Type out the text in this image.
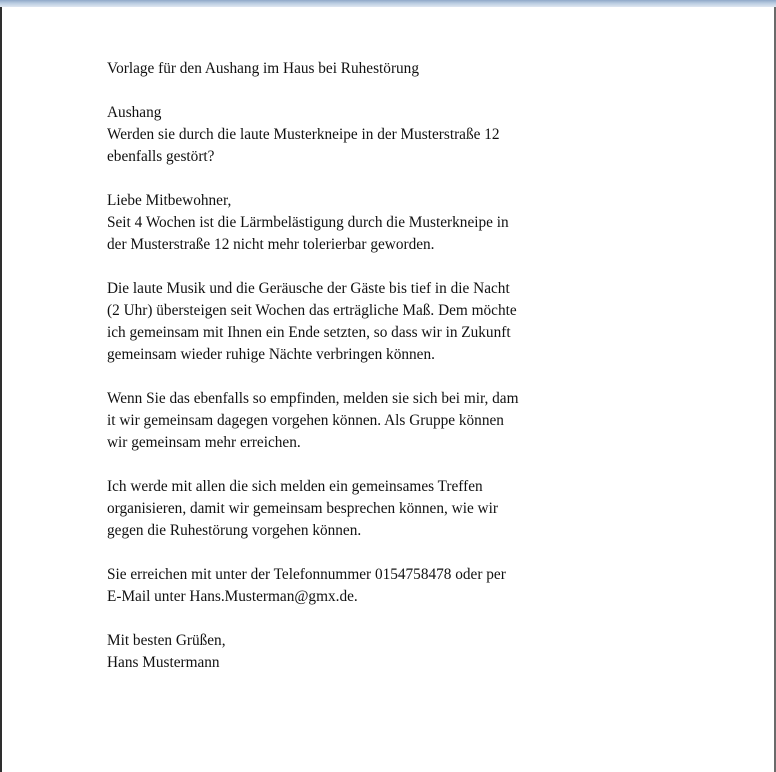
Vorlage für den Aushang im Haus bei Ruhestörung

Aushang
Werden sie durch die laute Musterkneipe in der Musterstraße 12
ebenfalls gestört?

Liebe Mitbewohner,
Seit 4 Wochen ist die Lärmbelästigung durch die Musterkneipe in
der Musterstraße 12 nicht mehr tolerierbar geworden.

Die laute Musik und die Geräusche der Gäste bis tief in die Nacht
(2 Uhr) übersteigen seit Wochen das erträgliche Maß. Dem möchte
ich gemeinsam mit Ihnen ein Ende setzten, so dass wir in Zukunft
gemeinsam wieder ruhige Nächte verbringen können.

Wenn Sie das ebenfalls so empfinden, melden sie sich bei mir, dam
it wir gemeinsam dagegen vorgehen können. Als Gruppe können
wir gemeinsam mehr erreichen.

Ich werde mit allen die sich melden ein gemeinsames Treffen
organisieren, damit wir gemeinsam besprechen können, wie wir
gegen die Ruhestörung vorgehen können.

Sie erreichen mit unter der Telefonnummer 0154758478 oder per
E-Mail unter Hans.Musterman@gmx.de.

Mit besten Grüßen,
Hans Mustermann
